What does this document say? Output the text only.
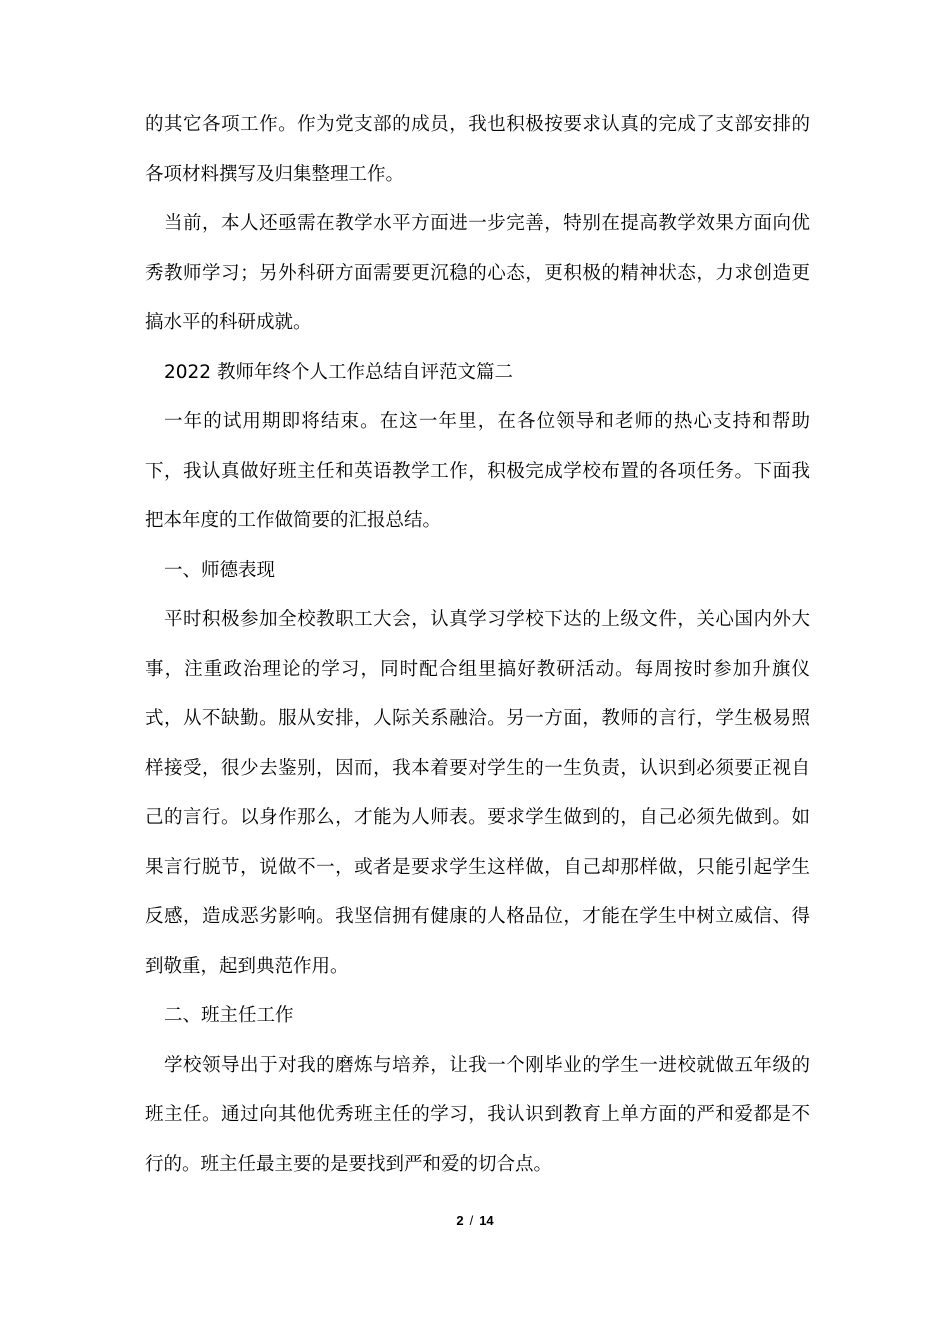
的其它各项工作。作为党支部的成员，我也积极按要求认真的完成了支部安排的各项材料撰写及归集整理工作。

当前，本人还亟需在教学水平方面进一步完善，特别在提高教学效果方面向优秀教师学习；另外科研方面需要更沉稳的心态，更积极的精神状态，力求创造更搞水平的科研成就。

2022 教师年终个人工作总结自评范文篇二

一年的试用期即将结束。在这一年里，在各位领导和老师的热心支持和帮助下，我认真做好班主任和英语教学工作，积极完成学校布置的各项任务。下面我把本年度的工作做简要的汇报总结。

一、师德表现

平时积极参加全校教职工大会，认真学习学校下达的上级文件，关心国内外大事，注重政治理论的学习，同时配合组里搞好教研活动。每周按时参加升旗仪式，从不缺勤。服从安排，人际关系融洽。另一方面，教师的言行，学生极易照样接受，很少去鉴别，因而，我本着要对学生的一生负责，认识到必须要正视自己的言行。以身作那么，才能为人师表。要求学生做到的，自己必须先做到。如果言行脱节，说做不一，或者是要求学生这样做，自己却那样做，只能引起学生反感，造成恶劣影响。我坚信拥有健康的人格品位，才能在学生中树立威信、得到敬重，起到典范作用。

二、班主任工作

学校领导出于对我的磨炼与培养，让我一个刚毕业的学生一进校就做五年级的班主任。通过向其他优秀班主任的学习，我认识到教育上单方面的严和爱都是不行的。班主任最主要的是要找到严和爱的切合点。

2 / 14
